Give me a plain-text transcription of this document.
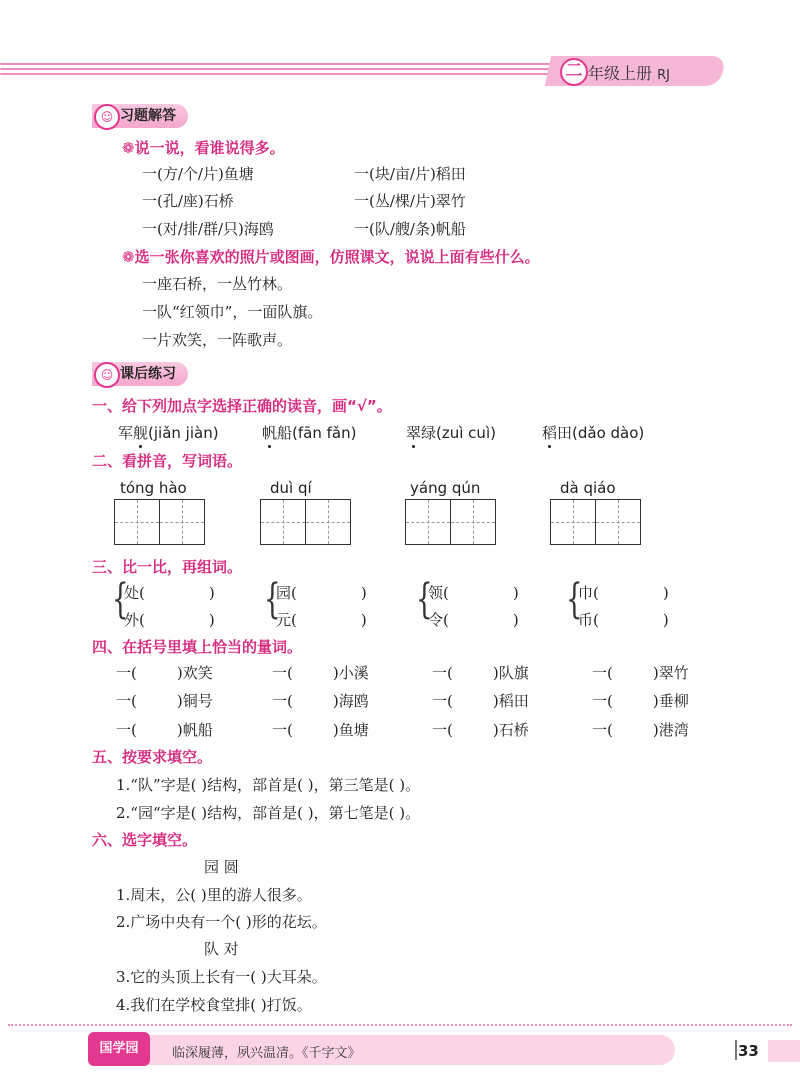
二 年级上册 RJ
☺ 习题解答
❁说一说，看谁说得多。
一(方/个/片)鱼塘	一(块/亩/片)稻田
一(孔/座)石桥	一(丛/棵/片)翠竹
一(对/排/群/只)海鸥	一(队/艘/条)帆船
❁选一张你喜欢的照片或图画，仿照课文，说说上面有些什么。
一座石桥，一丛竹林。
一队“红领巾”，一面队旗。
一片欢笑，一阵歌声。
☺ 课后练习
一、给下列加点字选择正确的读音，画“√”。
军舰(jiǎn jiàn)	帆船(fān fǎn)	翠绿(zuì cuì)	稻田(dǎo dào)
二、看拼音，写词语。
tóng hào	duì qí	yáng qún	dà qiáo
三、比一比，再组词。
{
处(	)
外(	) {
园(	)
元(	) {
领(	)
令(	) {
巾(	)
币(	)
四、在括号里填上恰当的量词。
一(	)欢笑	一(	)小溪	一(	)队旗	一(	)翠竹
一(	)铜号	一(	)海鸥	一(	)稻田	一(	)垂柳
一(	)帆船	一(	)鱼塘	一(	)石桥	一(	)港湾
五、按要求填空。
1.“队”字是( )结构，部首是( )，第三笔是( )。
2.“园“字是( )结构，部首是( )，第七笔是( )。
六、选字填空。
园 圆
1.周末，公( )里的游人很多。
2.广场中央有一个( )形的花坛。
队 对
3.它的头顶上长有一( )大耳朵。
4.我们在学校食堂排( )打饭。
国学园	临深履薄，夙兴温凊。《千字文》	33
